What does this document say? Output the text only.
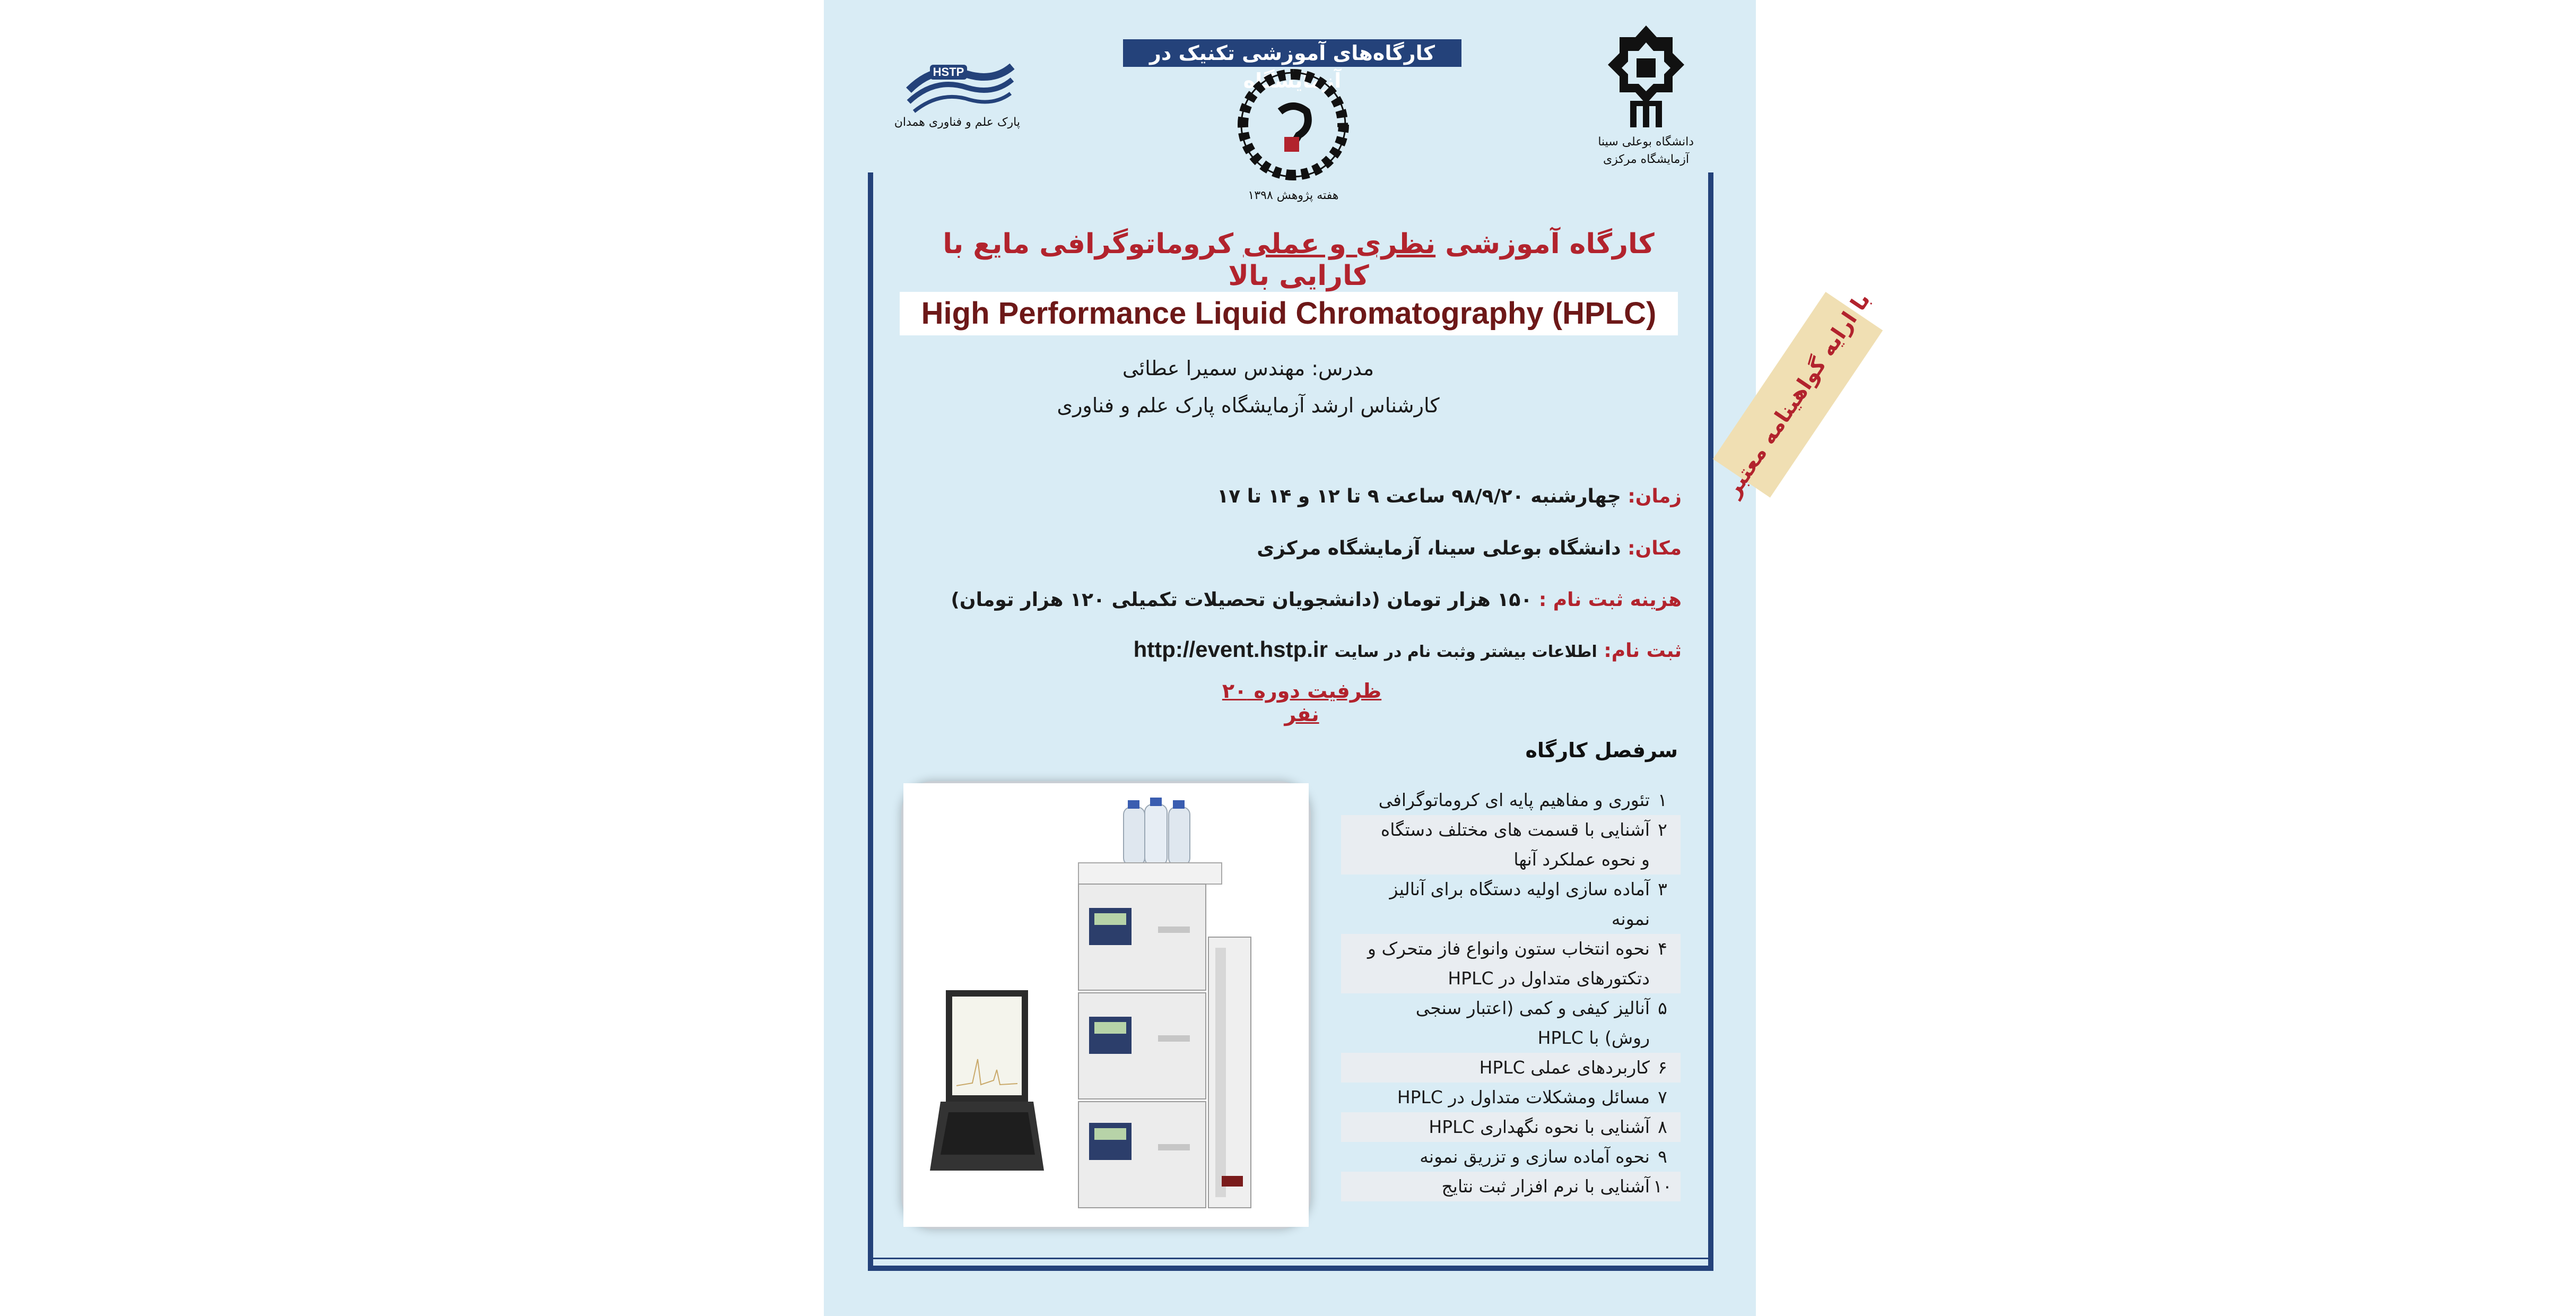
کارگاه‌های آموزشی تکنیک در آزمایشگاه
HSTP
پارک علم و فناوری همدان
هفته پژوهش ۱۳۹۸
دانشگاه بوعلی سینا
آزمایشگاه مرکزی
کارگاه آموزشی نظری و عملی کروماتوگرافی مایع با کارایی بالا
High Performance Liquid Chromatography (HPLC)
مدرس: مهندس سمیرا عطائی
کارشناس ارشد آزمایشگاه پارک علم و فناوری	با ارایه گواهینامه معتبر
زمان: چهارشنبه ۹۸/۹/۲۰ ساعت ۹ تا ۱۲ و ۱۴ تا ۱۷
مکان: دانشگاه بوعلی سینا، آزمایشگاه مرکزی
هزینه ثبت نام : ۱۵۰ هزار تومان (دانشجویان تحصیلات تکمیلی ۱۲۰ هزار تومان)
ثبت نام: اطلاعات بیشتر وثبت نام در سایت http://event.hstp.ir
ظرفیت دوره ۲۰ نفر
سرفصل کارگاه
۱
تئوری و مفاهیم پایه ای کروماتوگرافی
۲
آشنایی با قسمت های مختلف دستگاه و نحوه عملکرد آنها
۳
آماده سازی اولیه دستگاه برای آنالیز نمونه
۴
نحوه انتخاب ستون وانواع فاز متحرک و دتکتورهای متداول در HPLC
۵
آنالیز کیفی و کمی (اعتبار سنجی روش) با HPLC
۶
کاربردهای عملی HPLC
۷
مسائل ومشکلات متداول در HPLC
۸
آشنایی با نحوه نگهداری HPLC
۹
نحوه آماده سازی و تزریق نمونه
۱۰
آشنایی با نرم افزار ثبت نتایج
